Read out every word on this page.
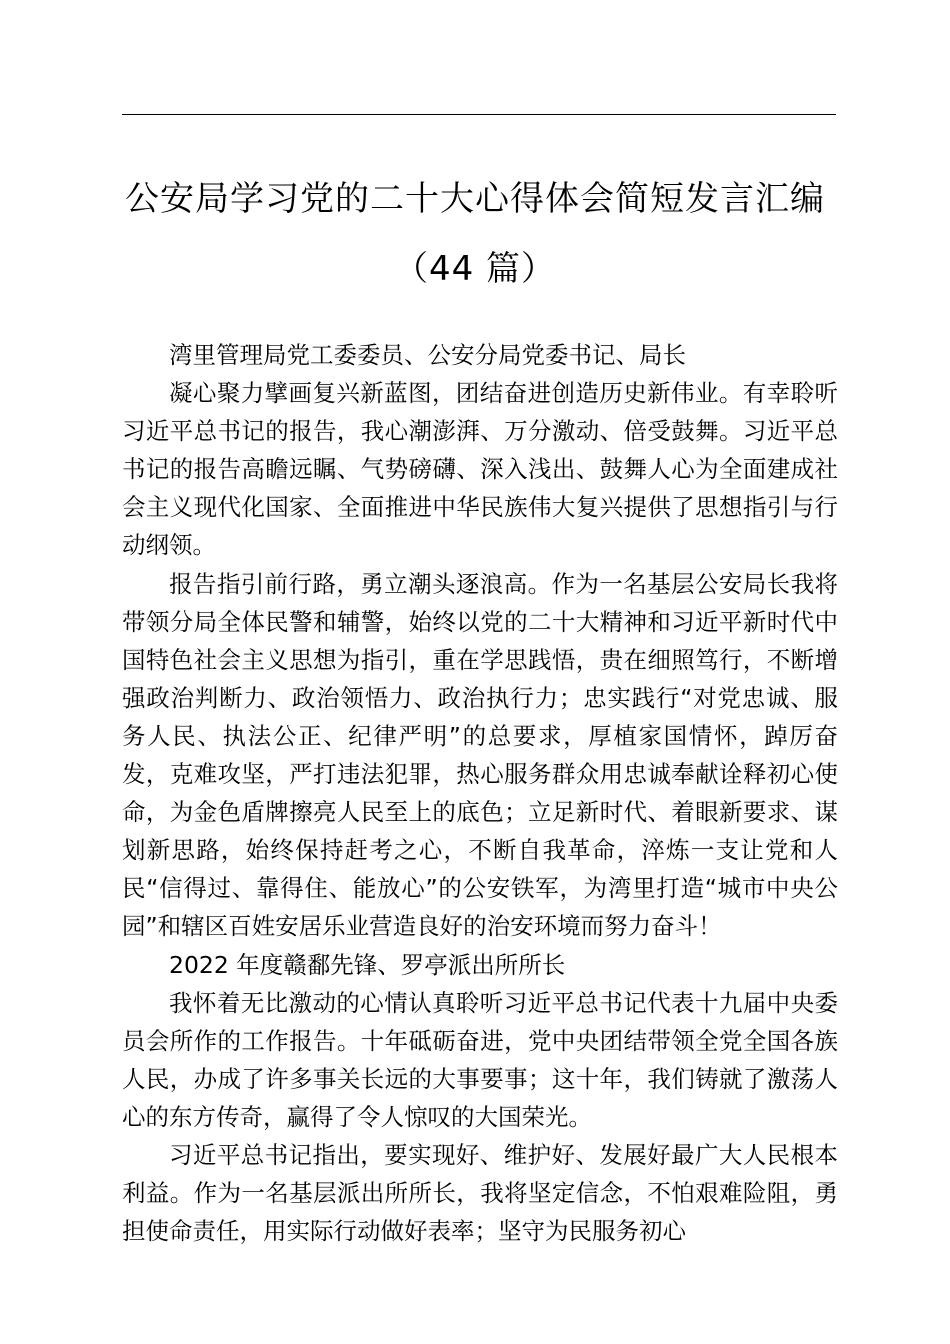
公安局学习党的二十大心得体会简短发言汇编
（44 篇）

湾里管理局党工委委员、公安分局党委书记、局长

凝心聚力擘画复兴新蓝图，团结奋进创造历史新伟业。有幸聆听习近平总书记的报告，我心潮澎湃、万分激动、倍受鼓舞。习近平总书记的报告高瞻远瞩、气势磅礴、深入浅出、鼓舞人心为全面建成社会主义现代化国家、全面推进中华民族伟大复兴提供了思想指引与行动纲领。

报告指引前行路，勇立潮头逐浪高。作为一名基层公安局长我将带领分局全体民警和辅警，始终以党的二十大精神和习近平新时代中国特色社会主义思想为指引，重在学思践悟，贵在细照笃行，不断增强政治判断力、政治领悟力、政治执行力；忠实践行“对党忠诚、服务人民、执法公正、纪律严明”的总要求，厚植家国情怀，踔厉奋发，克难攻坚，严打违法犯罪，热心服务群众用忠诚奉献诠释初心使命，为金色盾牌擦亮人民至上的底色；立足新时代、着眼新要求、谋划新思路，始终保持赶考之心，不断自我革命，淬炼一支让党和人民“信得过、靠得住、能放心”的公安铁军，为湾里打造“城市中央公园”和辖区百姓安居乐业营造良好的治安环境而努力奋斗！

2022 年度赣鄱先锋、罗亭派出所所长

我怀着无比激动的心情认真聆听习近平总书记代表十九届中央委员会所作的工作报告。十年砥砺奋进，党中央团结带领全党全国各族人民，办成了许多事关长远的大事要事；这十年，我们铸就了激荡人心的东方传奇，赢得了令人惊叹的大国荣光。

习近平总书记指出，要实现好、维护好、发展好最广大人民根本利益。作为一名基层派出所所长，我将坚定信念，不怕艰难险阻，勇担使命责任，用实际行动做好表率；坚守为民服务初心
